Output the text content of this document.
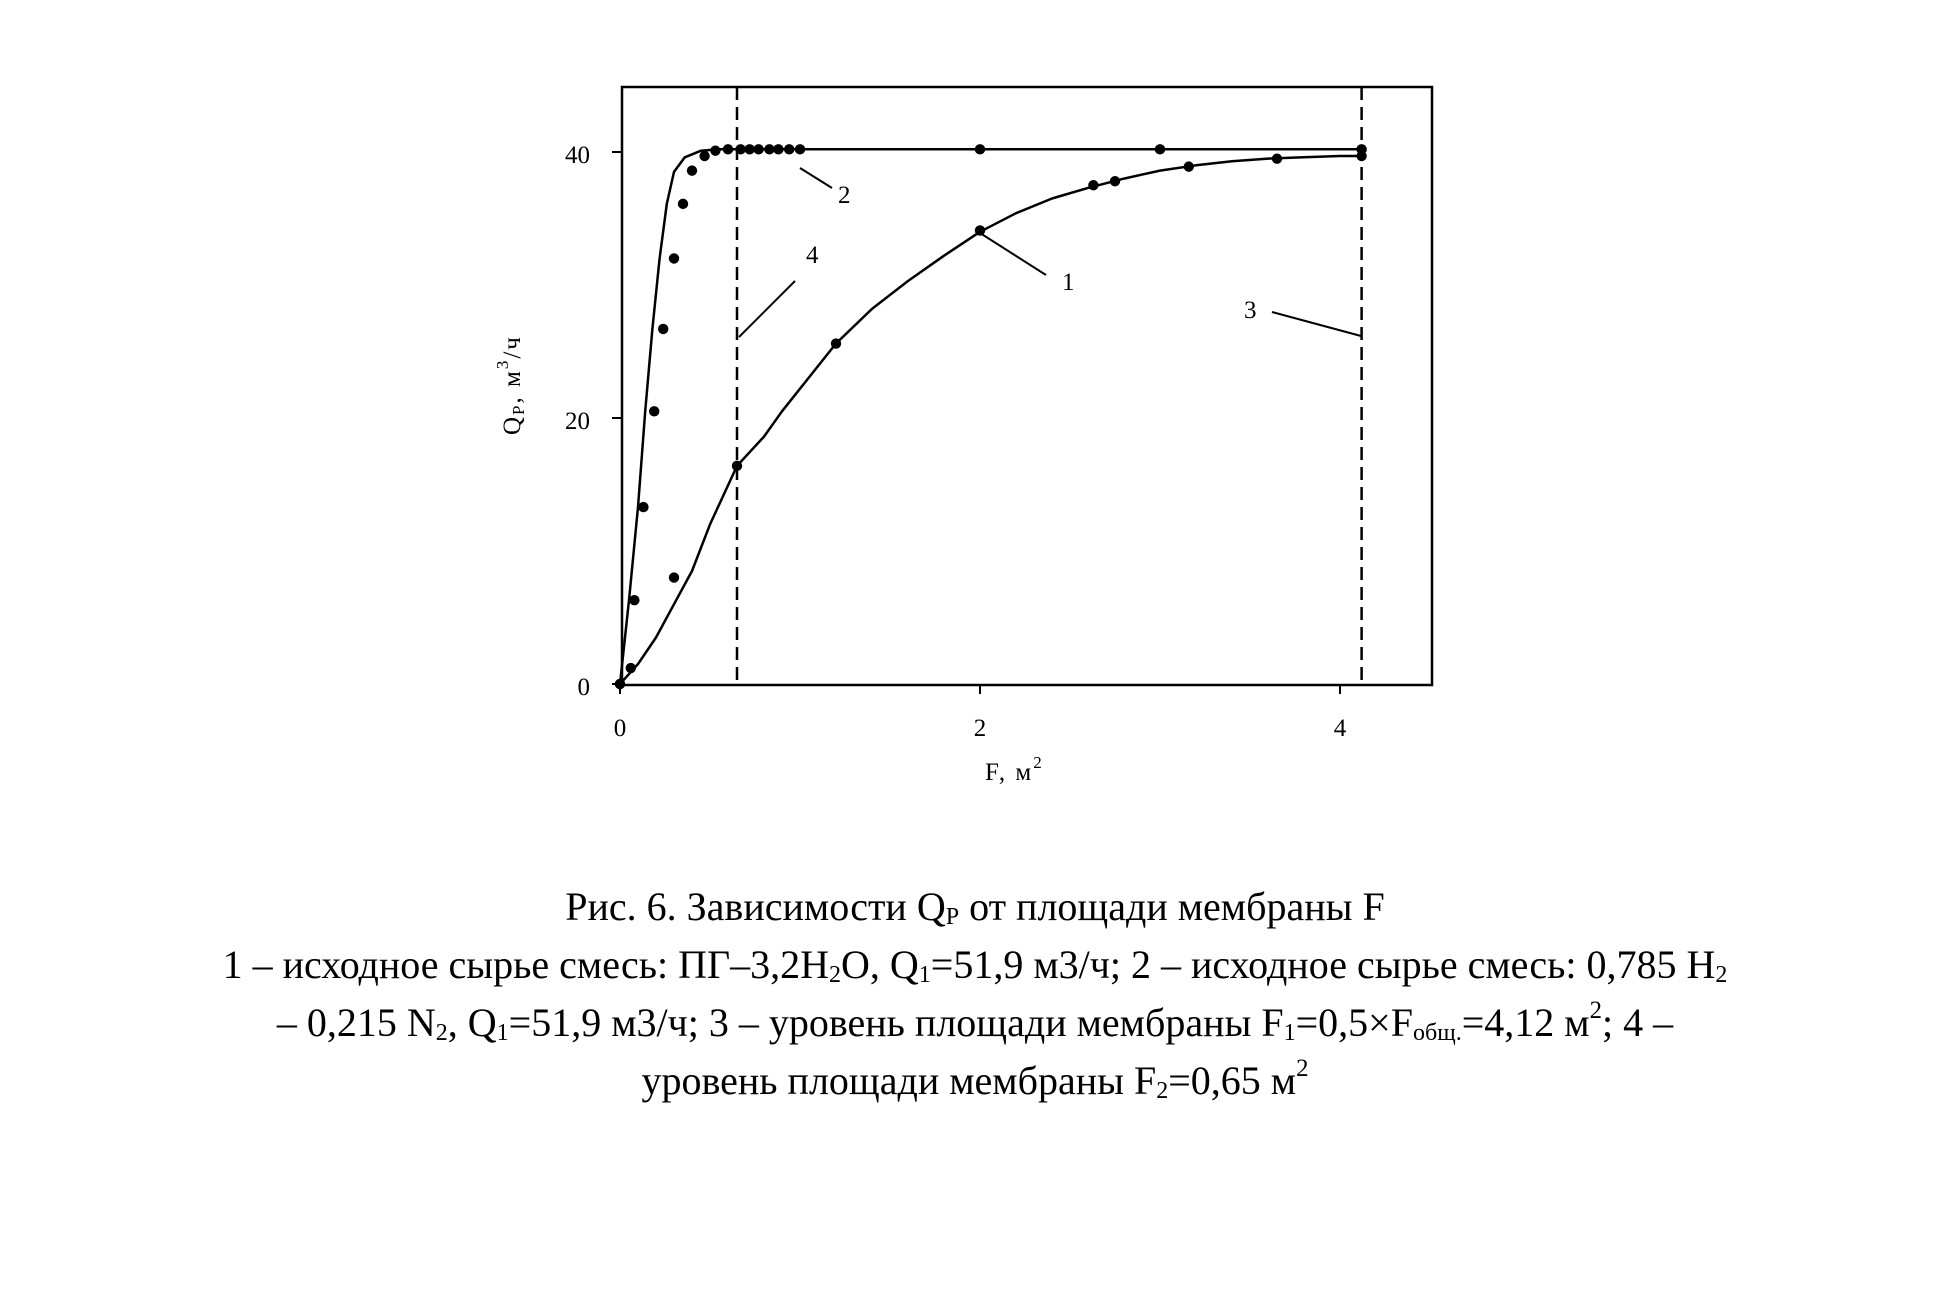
0	2	4
0
20
40
F, $м^2$
QP, $м^3/ч$
1
2
3
4
Рис. 6. Зависимости $Q_P$ от площади мембраны F
1 – исходное сырье смесь: $ПГ-3,2H_2O$, $Q_1=51,9$ м3/ч; 2 – исходное сырье смесь: 0,785 $H_2$
– 0,215 $N_2$, $Q_1=51,9$ м3/ч; 3 – уровень площади мембраны $F_1=0,5\times F_{общ.}=4,12$ $м^2$; 4 –
уровень площади мембраны $F_2=0,65$ $м^2$
